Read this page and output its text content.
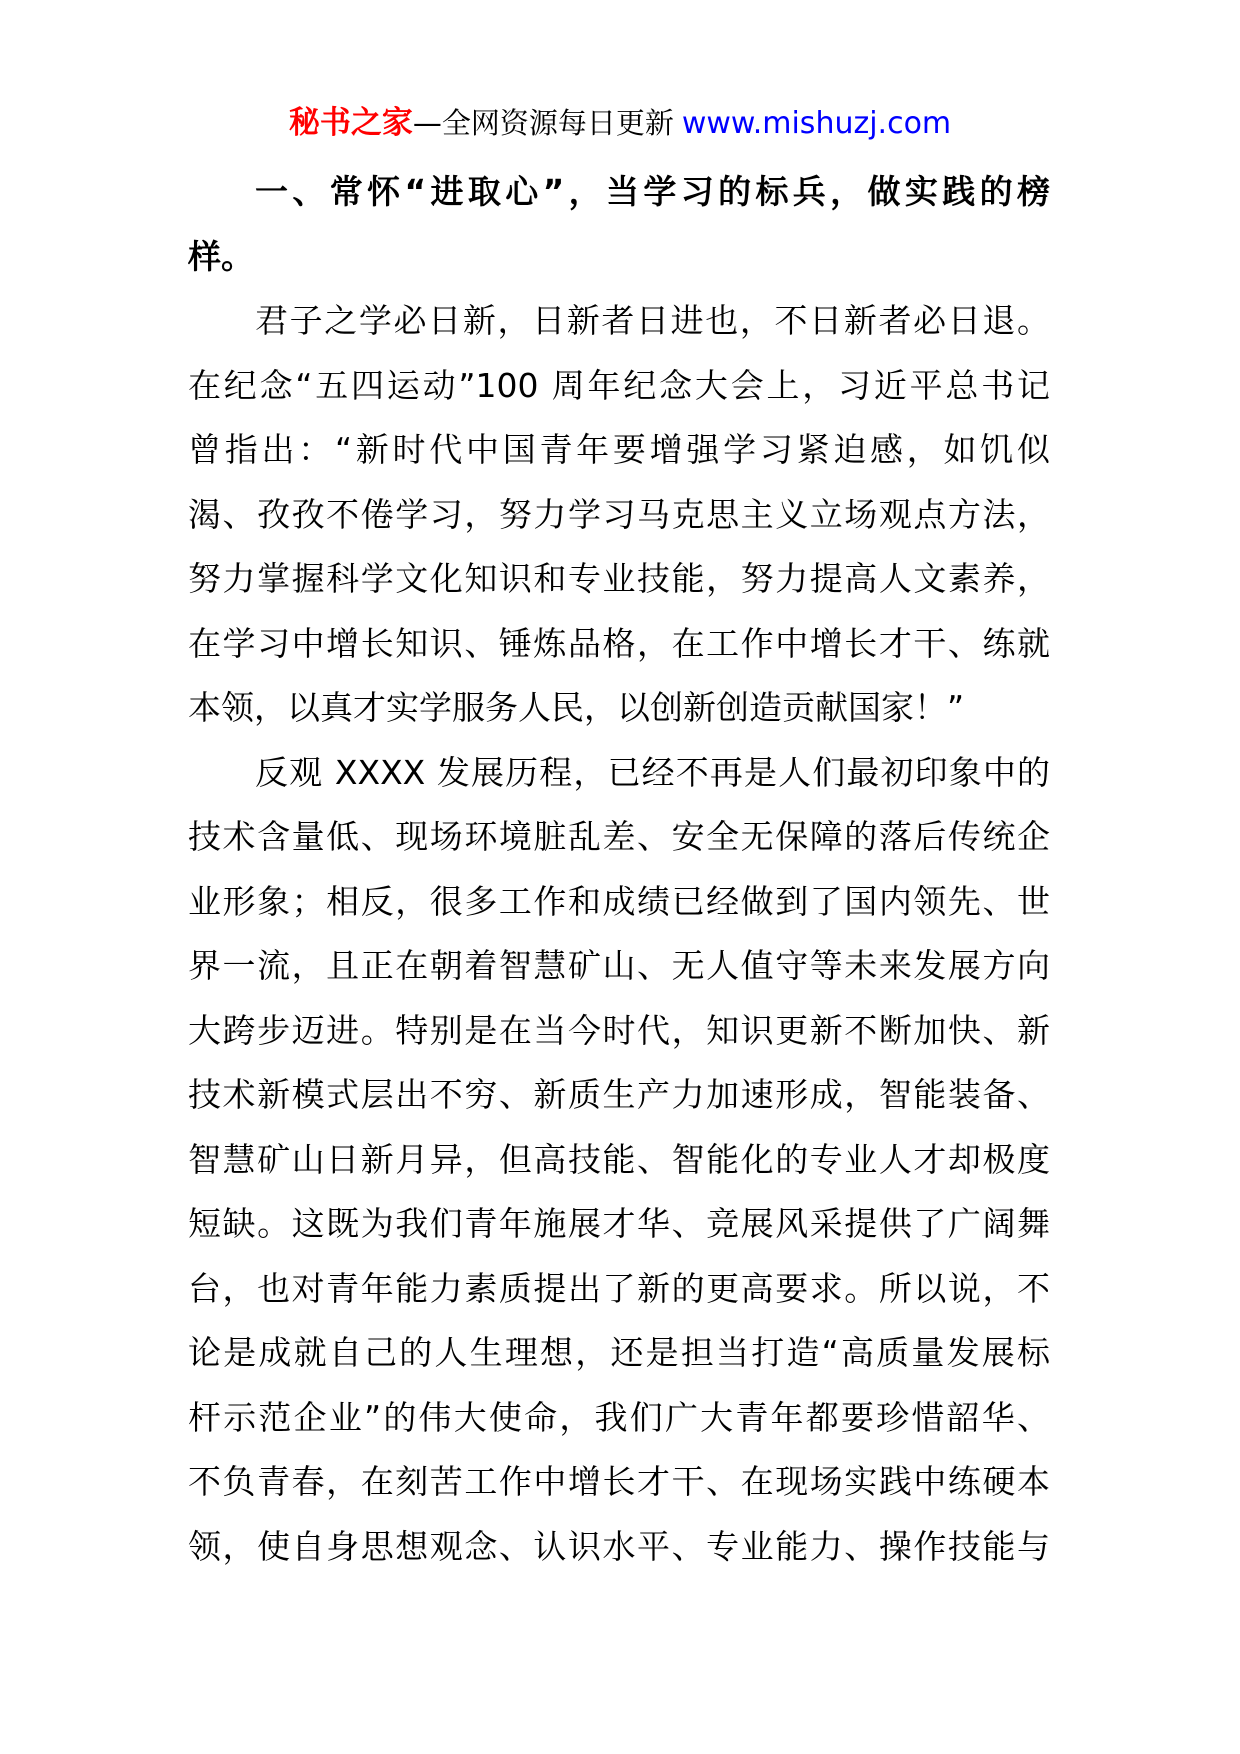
秘书之家—全网资源每日更新 www.mishuzj.com
一、常怀“进取心”，当学习的标兵，做实践的榜
样。
君子之学必日新，日新者日进也，不日新者必日退。
在纪念“五四运动”100 周年纪念大会上，习近平总书记
曾指出：“新时代中国青年要增强学习紧迫感，如饥似
渴、孜孜不倦学习，努力学习马克思主义立场观点方法，
努力掌握科学文化知识和专业技能，努力提高人文素养，
在学习中增长知识、锤炼品格，在工作中增长才干、练就
本领，以真才实学服务人民，以创新创造贡献国家！”
反观 XXXX 发展历程，已经不再是人们最初印象中的
技术含量低、现场环境脏乱差、安全无保障的落后传统企
业形象；相反，很多工作和成绩已经做到了国内领先、世
界一流，且正在朝着智慧矿山、无人值守等未来发展方向
大跨步迈进。特别是在当今时代，知识更新不断加快、新
技术新模式层出不穷、新质生产力加速形成，智能装备、
智慧矿山日新月异，但高技能、智能化的专业人才却极度
短缺。这既为我们青年施展才华、竞展风采提供了广阔舞
台，也对青年能力素质提出了新的更高要求。所以说，不
论是成就自己的人生理想，还是担当打造“高质量发展标
杆示范企业”的伟大使命，我们广大青年都要珍惜韶华、
不负青春，在刻苦工作中增长才干、在现场实践中练硬本
领，使自身思想观念、认识水平、专业能力、操作技能与
